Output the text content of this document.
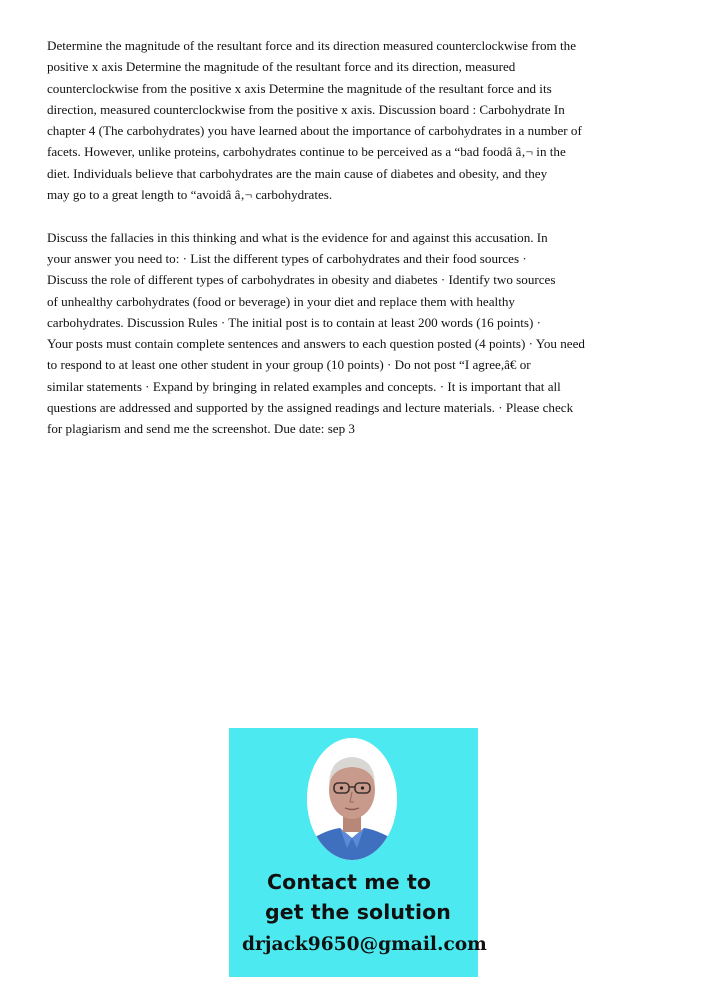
Determine the magnitude of the resultant force and its direction measured counterclockwise from the
positive x axis Determine the magnitude of the resultant force and its direction, measured
counterclockwise from the positive x axis Determine the magnitude of the resultant force and its
direction, measured counterclockwise from the positive x axis. Discussion board : Carbohydrate In
chapter 4 (The carbohydrates) you have learned about the importance of carbohydrates in a number of
facets. However, unlike proteins, carbohydrates continue to be perceived as a “bad foodâ â‚¬ in the
diet. Individuals believe that carbohydrates are the main cause of diabetes and obesity, and they
may go to a great length to “avoidâ â‚¬ carbohydrates.
Discuss the fallacies in this thinking and what is the evidence for and against this accusation. In
your answer you need to: · List the different types of carbohydrates and their food sources ·
Discuss the role of different types of carbohydrates in obesity and diabetes · Identify two sources
of unhealthy carbohydrates (food or beverage) in your diet and replace them with healthy
carbohydrates. Discussion Rules · The initial post is to contain at least 200 words (16 points) ·
Your posts must contain complete sentences and answers to each question posted (4 points) · You need
to respond to at least one other student in your group (10 points) · Do not post “I agree,â€ or
similar statements · Expand by bringing in related examples and concepts. · It is important that all
questions are addressed and supported by the assigned readings and lecture materials. · Please check
for plagiarism and send me the screenshot. Due date: sep 3
Contact me to
get the solution
drjack9650@gmail.com
